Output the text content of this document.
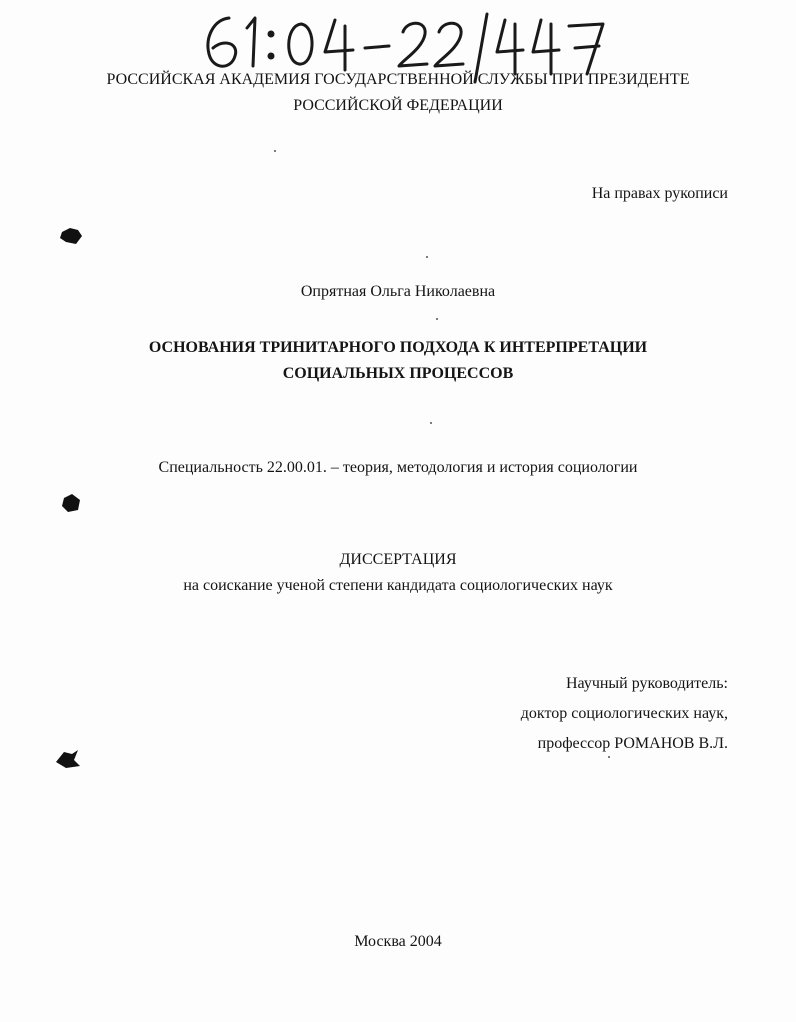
РОССИЙСКАЯ АКАДЕМИЯ ГОСУДАРСТВЕННОЙ СЛУЖБЫ ПРИ ПРЕЗИДЕНТЕ
РОССИЙСКОЙ ФЕДЕРАЦИИ
На правах рукописи
Опрятная Ольга Николаевна
ОСНОВАНИЯ ТРИНИТАРНОГО ПОДХОДА К ИНТЕРПРЕТАЦИИ
СОЦИАЛЬНЫХ ПРОЦЕССОВ
Специальность 22.00.01. – теория, методология и история социологии
ДИССЕРТАЦИЯ
на соискание ученой степени кандидата социологических наук
Научный руководитель:
доктор социологических наук,
профессор РОМАНОВ В.Л.
Москва 2004
